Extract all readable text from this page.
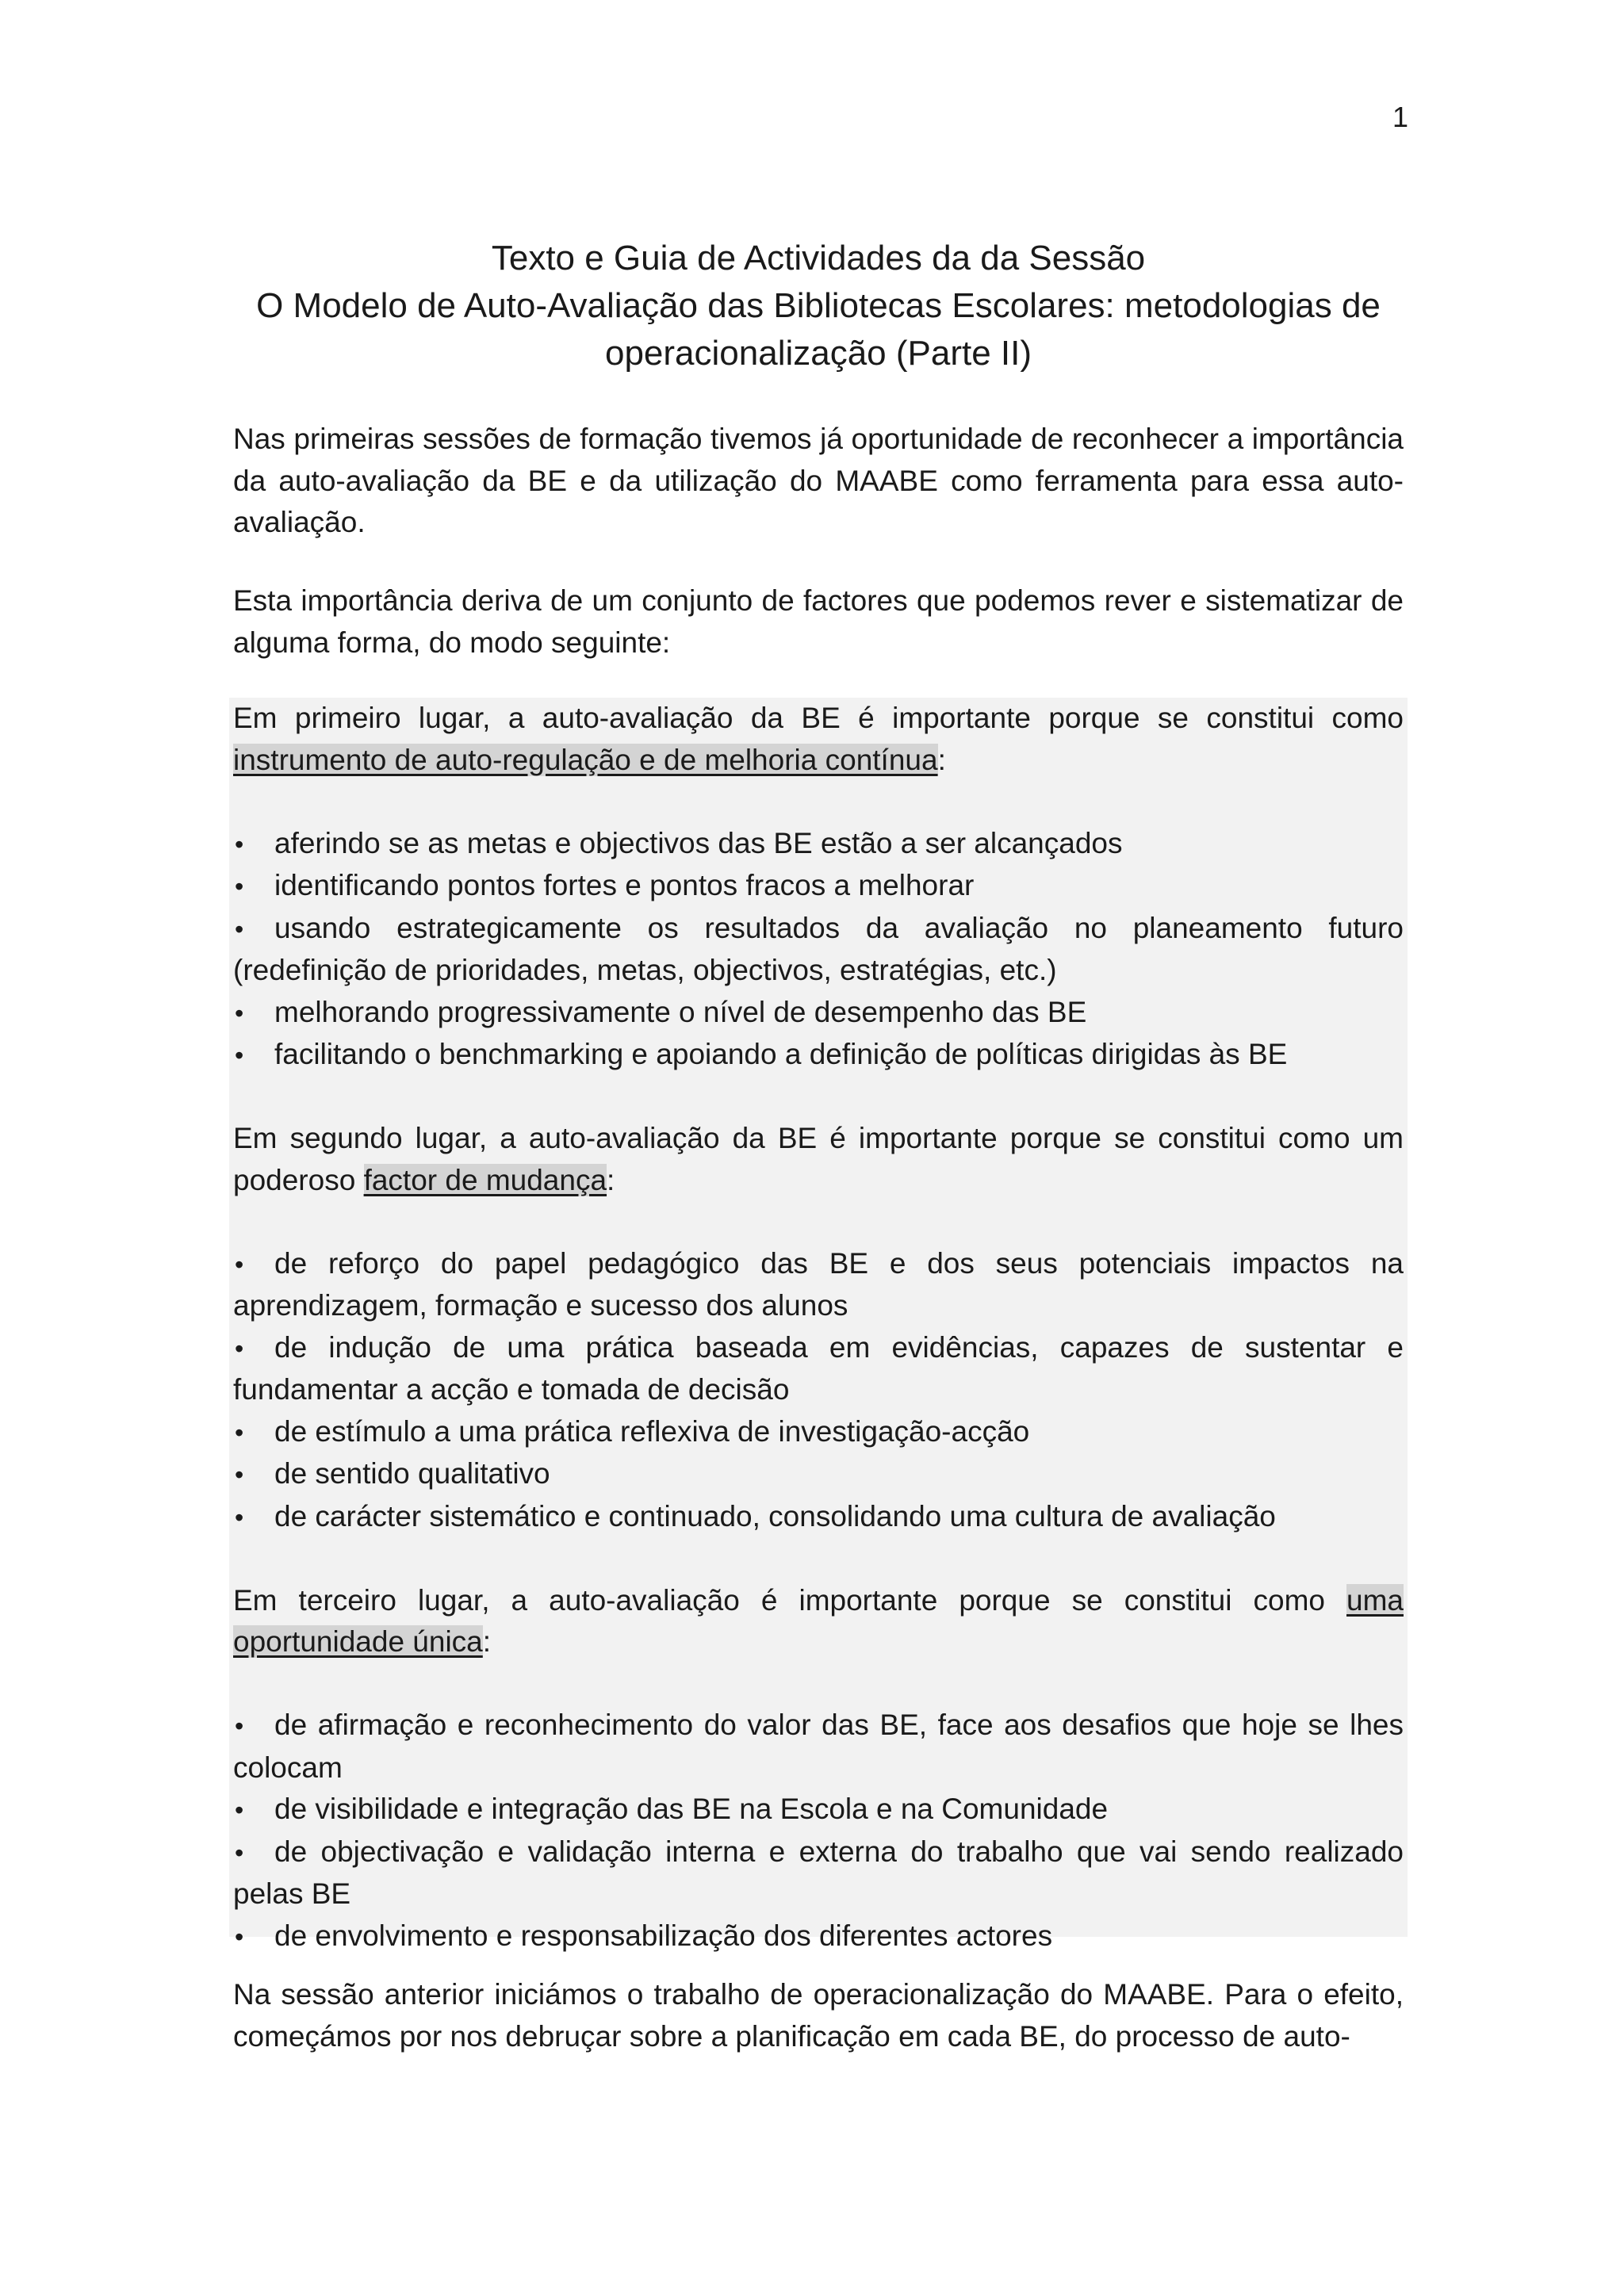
1
Texto e Guia de Actividades da da Sessão
O Modelo de Auto-Avaliação das Bibliotecas Escolares: metodologias de
operacionalização (Parte II)

Nas primeiras sessões de formação tivemos já oportunidade de reconhecer a importância da auto-avaliação da BE e da utilização do MAABE como ferramenta para essa auto-avaliação.

Esta importância deriva de um conjunto de factores que podemos rever e sistematizar de alguma forma, do modo seguinte:

Em primeiro lugar, a auto-avaliação da BE é importante porque se constitui como instrumento de auto-regulação e de melhoria contínua:

• aferindo se as metas e objectivos das BE estão a ser alcançados
• identificando pontos fortes e pontos fracos a melhorar
• usando estrategicamente os resultados da avaliação no planeamento futuro (redefinição de prioridades, metas, objectivos, estratégias, etc.)
• melhorando progressivamente o nível de desempenho das BE
• facilitando o benchmarking e apoiando a definição de políticas dirigidas às BE

Em segundo lugar, a auto-avaliação da BE é importante porque se constitui como um poderoso factor de mudança:

• de reforço do papel pedagógico das BE e dos seus potenciais impactos na aprendizagem, formação e sucesso dos alunos
• de indução de uma prática baseada em evidências, capazes de sustentar e fundamentar a acção e tomada de decisão
• de estímulo a uma prática reflexiva de investigação-acção
• de sentido qualitativo
• de carácter sistemático e continuado, consolidando uma cultura de avaliação

Em terceiro lugar, a auto-avaliação é importante porque se constitui como uma oportunidade única:

• de afirmação e reconhecimento do valor das BE, face aos desafios que hoje se lhes colocam
• de visibilidade e integração das BE na Escola e na Comunidade
• de objectivação e validação interna e externa do trabalho que vai sendo realizado pelas BE
• de envolvimento e responsabilização dos diferentes actores

Na sessão anterior iniciámos o trabalho de operacionalização do MAABE. Para o efeito, começámos por nos debruçar sobre a planificação em cada BE, do processo de auto-
